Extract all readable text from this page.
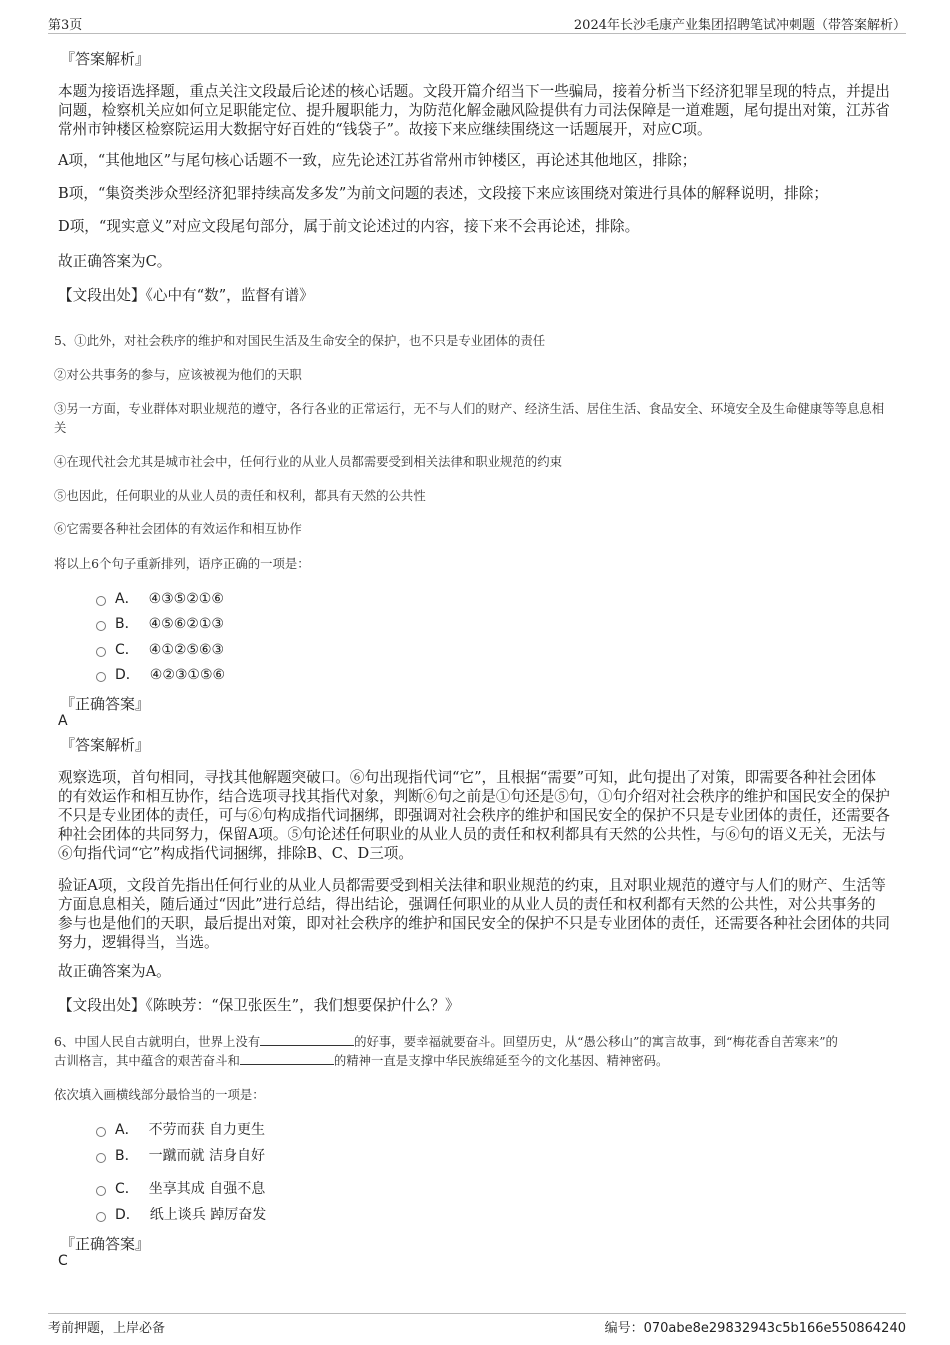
第3页	2024年长沙毛康产业集团招聘笔试冲刺题（带答案解析）
『答案解析』
本题为接语选择题，重点关注文段最后论述的核心话题。文段开篇介绍当下一些骗局，接着分析当下经济犯罪呈现的特点，并提出问题，检察机关应如何立足职能定位、提升履职能力，为防范化解金融风险提供有力司法保障是一道难题，尾句提出对策，江苏省常州市钟楼区检察院运用大数据守好百姓的“钱袋子”。故接下来应继续围绕这一话题展开，对应C项。
A项，“其他地区”与尾句核心话题不一致，应先论述江苏省常州市钟楼区，再论述其他地区，排除；
B项，“集资类涉众型经济犯罪持续高发多发”为前文问题的表述，文段接下来应该围绕对策进行具体的解释说明，排除；
D项，“现实意义”对应文段尾句部分，属于前文论述过的内容，接下来不会再论述，排除。
故正确答案为C。
【文段出处】《心中有“数”，监督有谱》
5、①此外，对社会秩序的维护和对国民生活及生命安全的保护，也不只是专业团体的责任
②对公共事务的参与，应该被视为他们的天职
③另一方面，专业群体对职业规范的遵守，各行各业的正常运行，无不与人们的财产、经济生活、居住生活、食品安全、环境安全及生命健康等等息息相关
④在现代社会尤其是城市社会中，任何行业的从业人员都需要受到相关法律和职业规范的约束
⑤也因此，任何职业的从业人员的责任和权利，都具有天然的公共性
⑥它需要各种社会团体的有效运作和相互协作
将以上6个句子重新排列，语序正确的一项是：
A． ④③⑤②①⑥
B． ④⑤⑥②①③
C． ④①②⑤⑥③
D． ④②③①⑤⑥
『正确答案』
A
『答案解析』
观察选项，首句相同，寻找其他解题突破口。⑥句出现指代词“它”，且根据“需要”可知，此句提出了对策，即需要各种社会团体的有效运作和相互协作，结合选项寻找其指代对象，判断⑥句之前是①句还是⑤句，①句介绍对社会秩序的维护和国民安全的保护不只是专业团体的责任，可与⑥句构成指代词捆绑，即强调对社会秩序的维护和国民安全的保护不只是专业团体的责任，还需要各种社会团体的共同努力，保留A项。⑤句论述任何职业的从业人员的责任和权利都具有天然的公共性，与⑥句的语义无关，无法与⑥句指代词“它”构成指代词捆绑，排除B、C、D三项。
验证A项，文段首先指出任何行业的从业人员都需要受到相关法律和职业规范的约束，且对职业规范的遵守与人们的财产、生活等方面息息相关，随后通过“因此”进行总结，得出结论，强调任何职业的从业人员的责任和权利都有天然的公共性，对公共事务的参与也是他们的天职，最后提出对策，即对社会秩序的维护和国民安全的保护不只是专业团体的责任，还需要各种社会团体的共同努力，逻辑得当，当选。
故正确答案为A。
【文段出处】《陈映芳：“保卫张医生”，我们想要保护什么？》
6、中国人民自古就明白，世界上没有	的好事，要幸福就要奋斗。回望历史，从“愚公移山”的寓言故事，到“梅花香自苦寒来”的
古训格言，其中蕴含的艰苦奋斗和	的精神一直是支撑中华民族绵延至今的文化基因、精神密码。
依次填入画横线部分最恰当的一项是：
A． 不劳而获 自力更生
B． 一蹴而就 洁身自好
C． 坐享其成 自强不息
D． 纸上谈兵 踔厉奋发
『正确答案』
C
考前押题，上岸必备	编号：070abe8e29832943c5b166e550864240
